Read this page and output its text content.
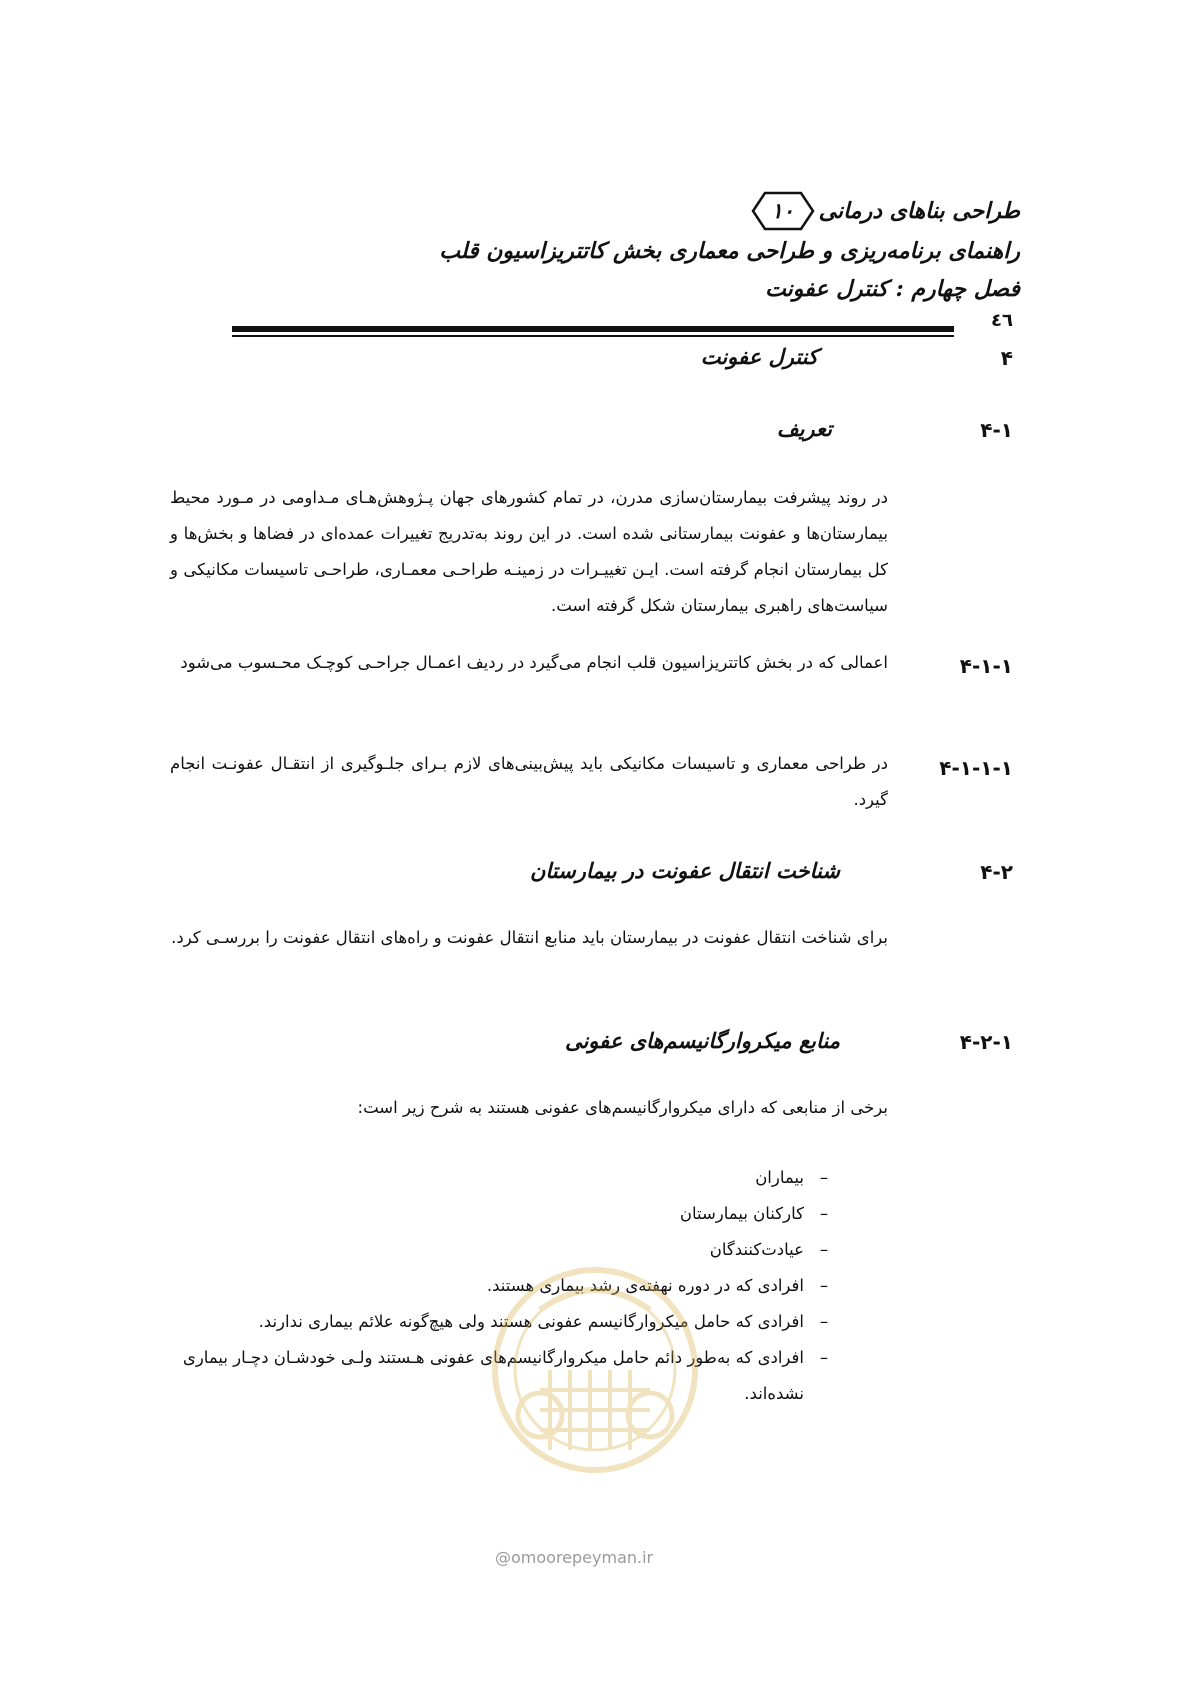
طراحی بناهای درمانی
۱۰
راهنمای برنامه‌ریزی و طراحی معماری بخش کاتتریزاسیون قلب
فصل چهارم : کنترل عفونت
٤٦
۴
کنترل عفونت
۴-۱
تعریف
در روند پیشرفت بیمارستان‌سازی مدرن، در تمام کشورهای جهان پـژوهش‌هـای مـداومی در مـورد محیط بیمارستان‌ها و عفونت بیمارستانی شده است. در این روند به‌تدریج تغییرات عمده‌ای در فضاها و بخش‌ها و کل بیمارستان انجام گرفته است. ایـن تغییـرات در زمینـه طراحـی معمـاری، طراحـی تاسیسات مکانیکی و سیاست‌های راهبری بیمارستان شکل گرفته است.
۴-۱-۱
اعمالی که در بخش کاتتریزاسیون قلب انجام می‌گیرد در ردیف اعمـال جراحـی کوچـک محـسوب می‌شود
۴-۱-۱-۱
در طراحی معماری و تاسیسات مکانیکی باید پیش‌بینی‌های لازم بـرای جلـوگیری از انتقـال عفونـت انجام گیرد.
۴-۲
شناخت انتقال عفونت در بیمارستان
برای شناخت انتقال عفونت در بیمارستان باید منابع انتقال عفونت و راه‌های انتقال عفونت را بررسـی کرد.
۴-۲-۱
منابع میکروارگانیسم‌های عفونی
برخی از منابعی که دارای میکروارگانیسم‌های عفونی هستند به شرح زیر است:
–
بیماران
–
کارکنان بیمارستان
–
عیادت‌کنندگان
–
افرادی که در دوره نهفته‌ی رشد بیماری هستند.
–
افرادی که حامل میکروارگانیسم عفونی هستند ولی هیچ‌گونه علائم بیماری ندارند.
–
افرادی که به‌طور دائم حامل میکروارگانیسم‌های عفونی هـستند ولـی خودشـان دچـار بیماری نشده‌اند.
@omoorepeyman.ir
